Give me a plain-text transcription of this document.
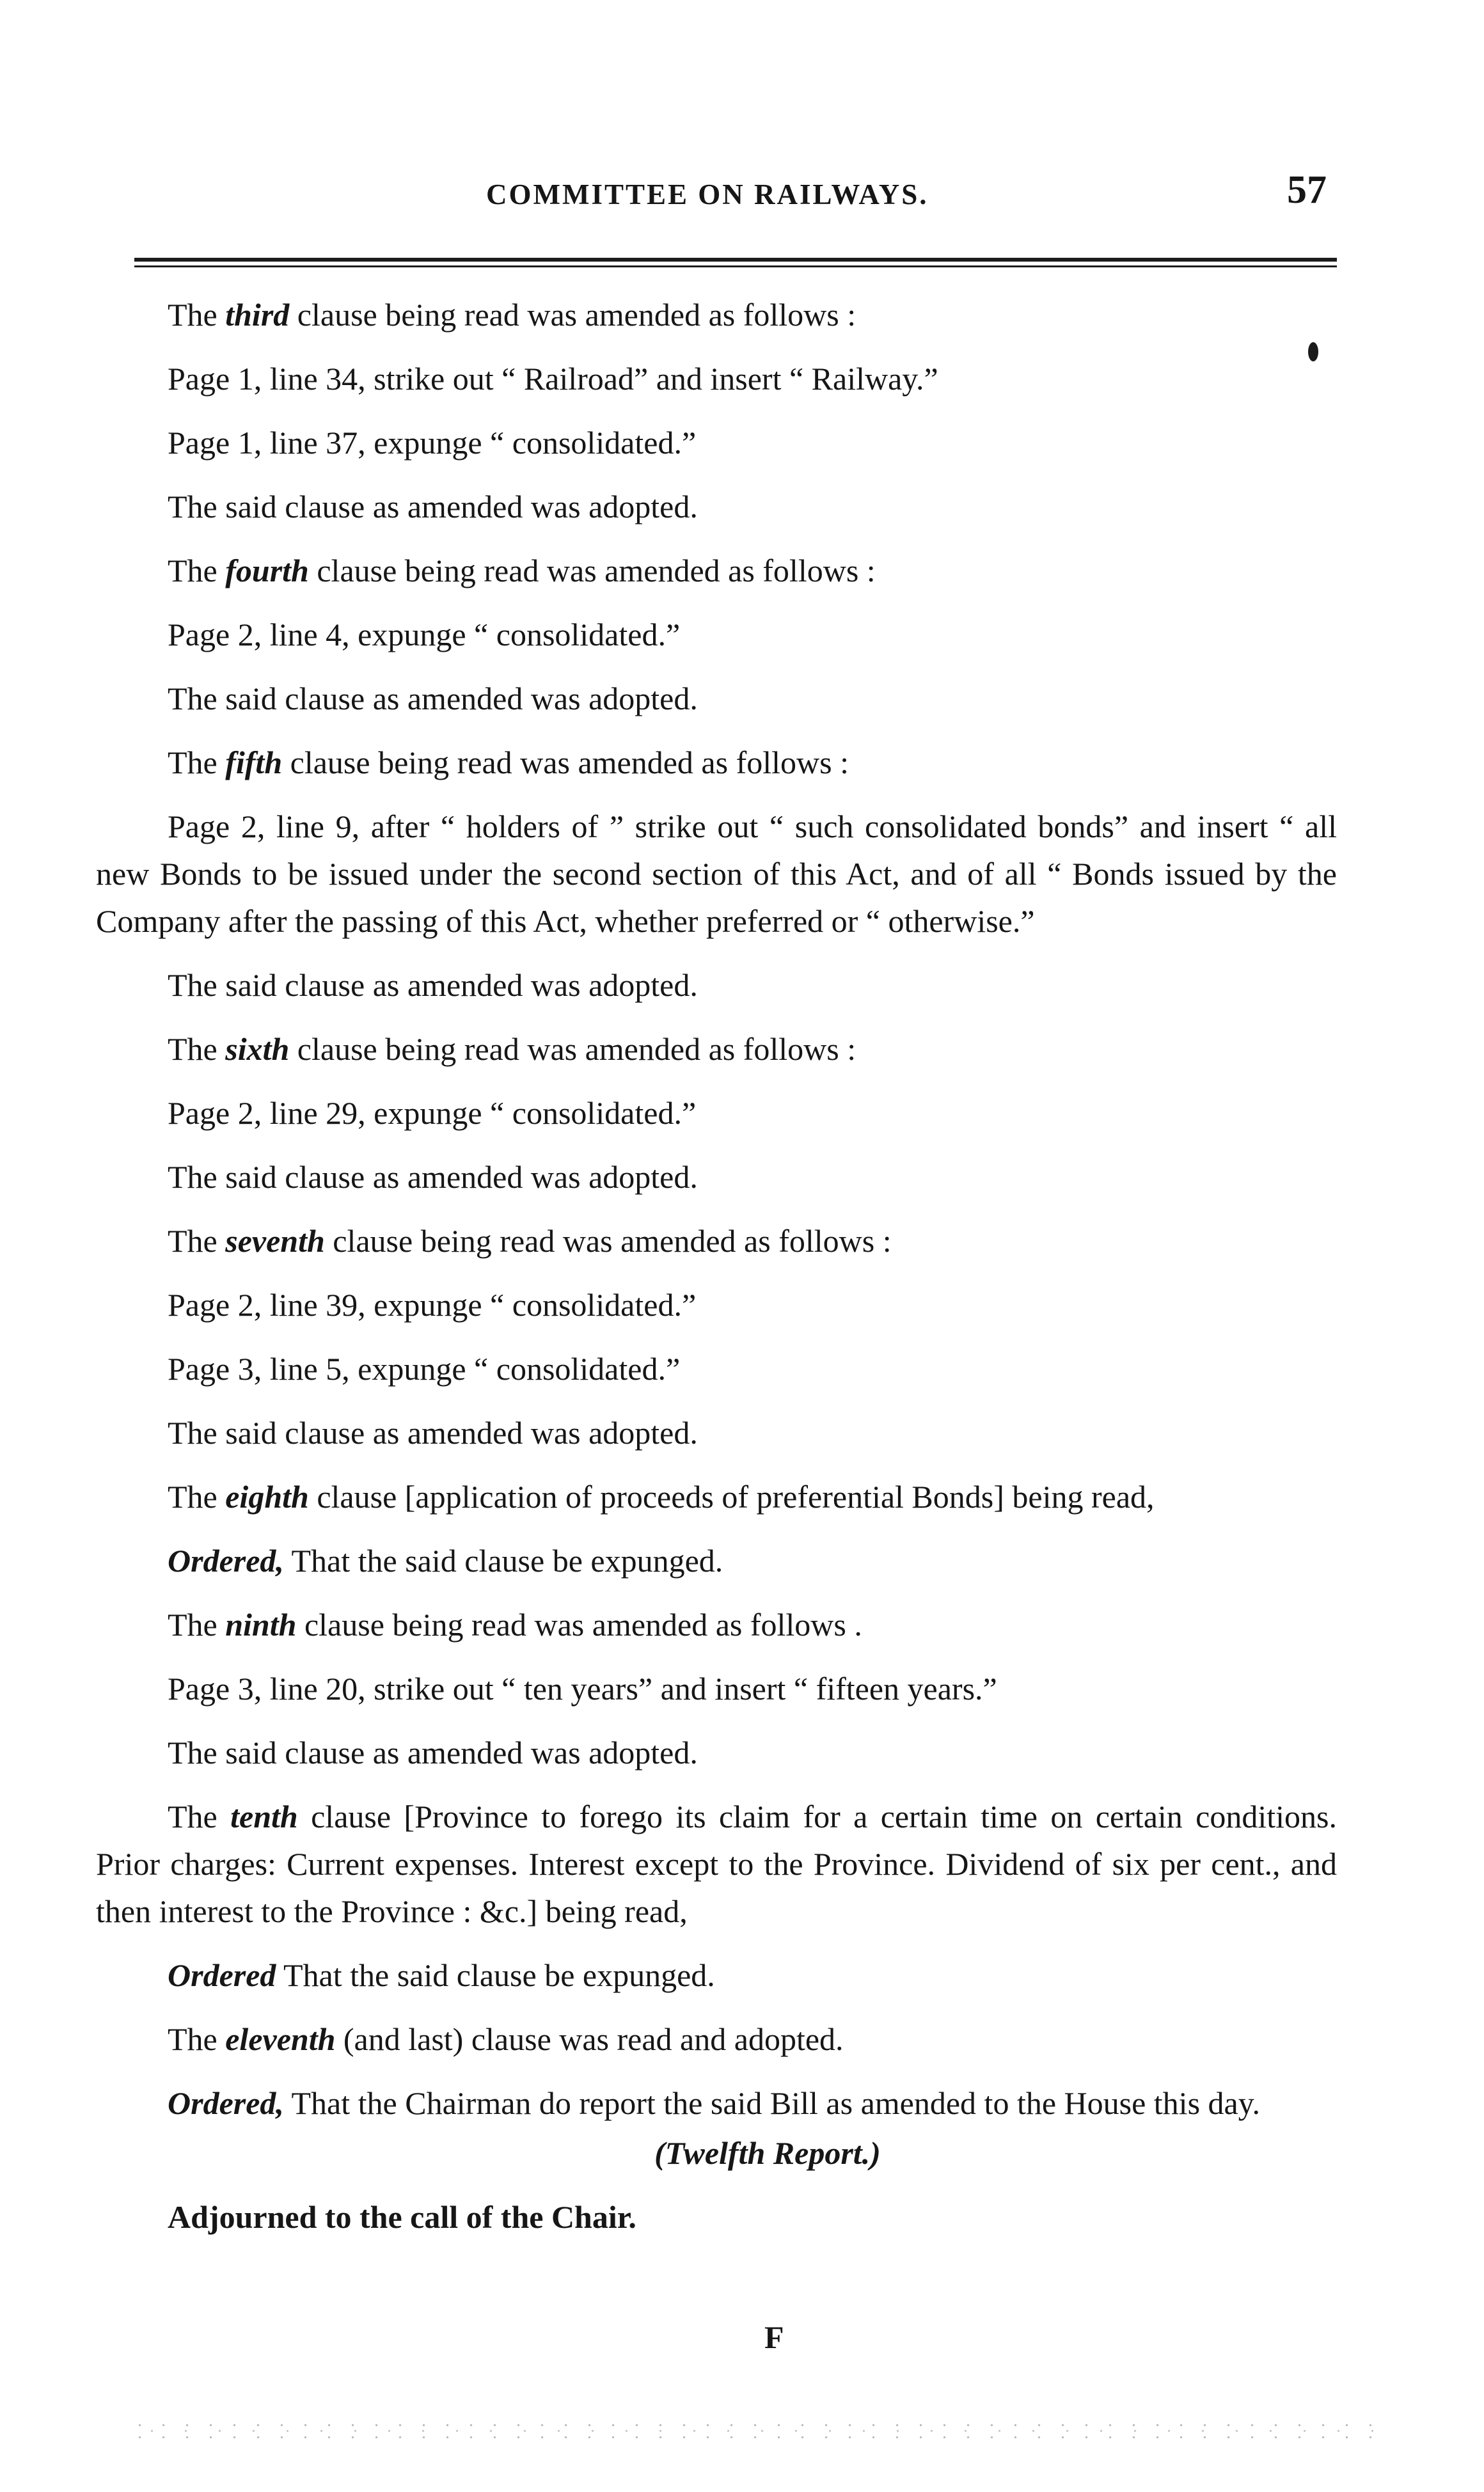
COMMITTEE ON RAILWAYS.	57

The third clause being read was amended as follows :

Page 1, line 34, strike out “ Railroad” and insert “ Railway.”

Page 1, line 37, expunge “ consolidated.”

The said clause as amended was adopted.

The fourth clause being read was amended as follows :

Page 2, line 4, expunge “ consolidated.”

The said clause as amended was adopted.

The fifth clause being read was amended as follows :

Page 2, line 9, after “ holders of ” strike out “ such consolidated bonds” and insert “ all new Bonds to be issued under the second section of this Act, and of all “ Bonds issued by the Company after the passing of this Act, whether preferred or “ otherwise.”

The said clause as amended was adopted.

The sixth clause being read was amended as follows :

Page 2, line 29, expunge “ consolidated.”

The said clause as amended was adopted.

The seventh clause being read was amended as follows :

Page 2, line 39, expunge “ consolidated.”

Page 3, line 5, expunge “ consolidated.”

The said clause as amended was adopted.

The eighth clause [application of proceeds of preferential Bonds] being read,

Ordered, That the said clause be expunged.

The ninth clause being read was amended as follows .

Page 3, line 20, strike out “ ten years” and insert “ fifteen years.”

The said clause as amended was adopted.

The tenth clause [Province to forego its claim for a certain time on certain conditions. Prior charges: Current expenses. Interest except to the Province. Dividend of six per cent., and then interest to the Province : &c.] being read,

Ordered That the said clause be expunged.

The eleventh (and last) clause was read and adopted.

Ordered, That the Chairman do report the said Bill as amended to the House this day.

(Twelfth Report.)

Adjourned to the call of the Chair.

F
